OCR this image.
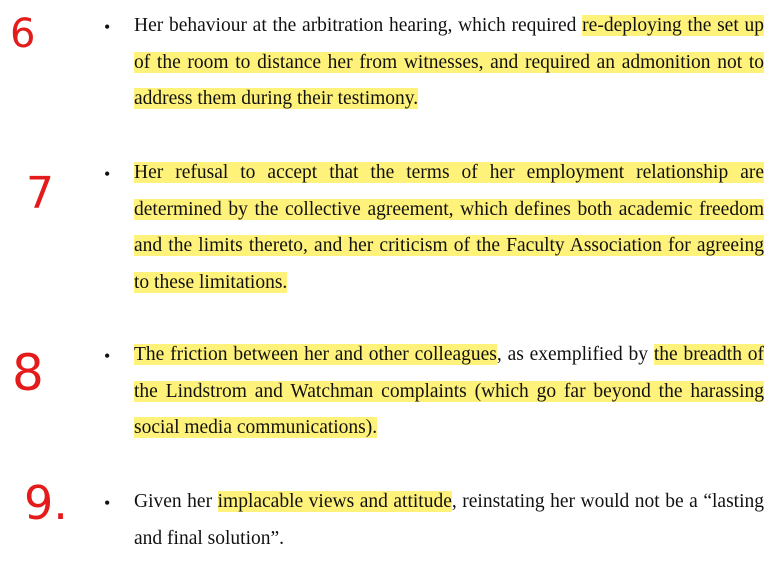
6	• Her behaviour at the arbitration hearing, which required re-deploying the set up of the room to distance her from witnesses, and required an admonition not to address them during their testimony.

7	• Her refusal to accept that the terms of her employment relationship are determined by the collective agreement, which defines both academic freedom and the limits thereto, and her criticism of the Faculty Association for agreeing to these limitations.

8	• The friction between her and other colleagues, as exemplified by the breadth of the Lindstrom and Watchman complaints (which go far beyond the harassing social media communications).

9. • Given her implacable views and attitude, reinstating her would not be a “lasting and final solution”.
